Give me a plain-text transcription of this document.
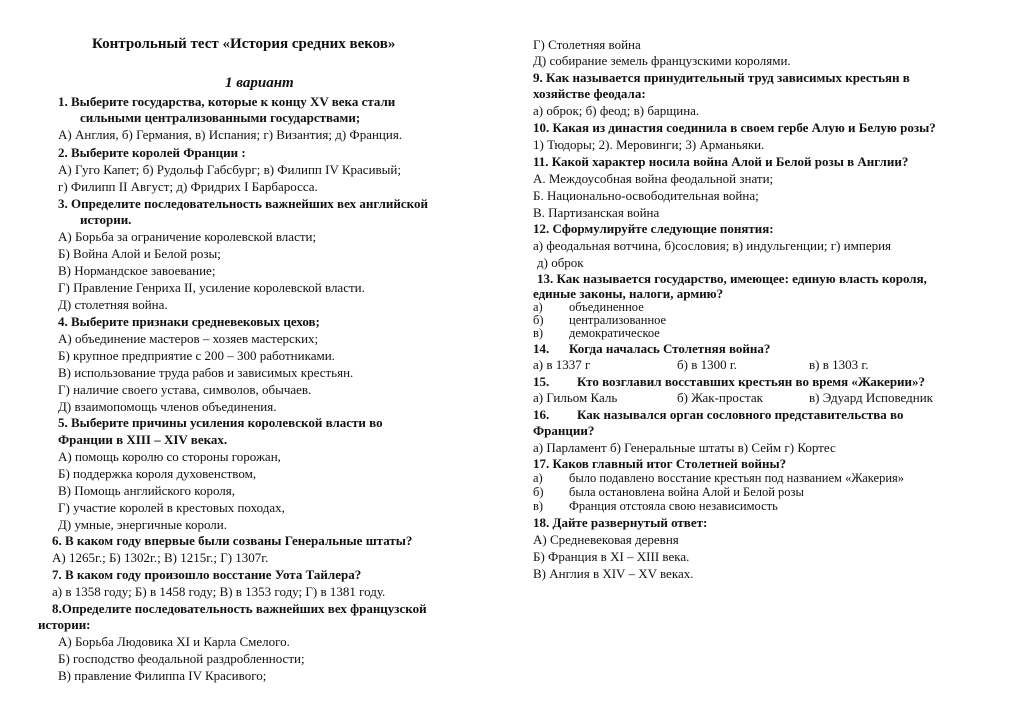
Контрольный тест «История средних веков»
1 вариант
1. Выберите государства, которые к концу XV века стали
сильными централизованными государствами;
А) Англия, б) Германия, в) Испания; г) Византия; д) Франция.
2. Выберите королей Франции :
А) Гуго Капет; б) Рудольф Габсбург; в) Филипп IV Красивый;
г) Филипп II Август; д) Фридрих I Барбаросса.
3. Определите последовательность важнейших вех английской
истории.
А) Борьба за ограничение королевской власти;
Б) Война Алой и Белой розы;
В) Нормандское завоевание;
Г) Правление Генриха II, усиление королевской власти.
Д) столетняя война.
4. Выберите признаки средневековых цехов;
А) объединение мастеров – хозяев мастерских;
Б) крупное предприятие с 200 – 300 работниками.
В) использование труда рабов и зависимых крестьян.
Г) наличие своего устава, символов, обычаев.
Д) взаимопомощь членов объединения.
5. Выберите причины усиления королевской власти во
Франции в XIII – XIV веках.
А) помощь королю со стороны горожан,
Б) поддержка короля духовенством,
В) Помощь английского короля,
Г) участие королей в крестовых походах,
Д) умные, энергичные короли.
6. В каком году впервые были созваны Генеральные штаты?
А) 1265г.; Б) 1302г.; В) 1215г.; Г) 1307г.
7. В каком году произошло восстание Уота Тайлера?
а) в 1358 году; Б) в 1458 году; В) в 1353 году; Г) в 1381 году.
8.Определите последовательность важнейших вех французской
истории:
А) Борьба Людовика XI и Карла Смелого.
Б) господство феодальной раздробленности;
В) правление Филиппа IV Красивого;
Г) Столетняя война
Д) собирание земель французскими королями.
9. Как называется принудительный труд зависимых крестьян в
хозяйстве феодала:
а) оброк; б) феод; в) барщина.
10. Какая из династия соединила в своем гербе Алую и Белую розы?
1) Тюдоры; 2). Меровинги; 3) Арманьяки.
11. Какой характер носила война Алой и Белой розы в Англии?
А. Междоусобная война феодальной знати;
Б. Национально-освободительная война;
В. Партизанская война
12. Сформулируйте следующие понятия:
а) феодальная вотчина, б)сословия; в) индульгенции; г) империя
д) оброк
13. Как называется государство, имеющее: единую власть короля,
единые законы, налоги, армию?
а) объединенное
б) централизованное
в) демократическое
14. Когда началась Столетняя война?
а) в 1337 г	б) в 1300 г.	в) в 1303 г.
15. Кто возглавил восставших крестьян во время «Жакерии»?
а) Гильом Каль	б) Жак-простак	в) Эдуард Исповедник
16. Как назывался орган сословного представительства во
Франции?
а) Парламент б) Генеральные штаты в) Сейм г) Кортес
17. Каков главный итог Столетней войны?
а) было подавлено восстание крестьян под названием «Жакерия»
б) была остановлена война Алой и Белой розы
в) Франция отстояла свою независимость
18. Дайте развернутый ответ:
А) Средневековая деревня
Б) Франция в XI – XIII века.
В) Англия в XIV – XV веках.
